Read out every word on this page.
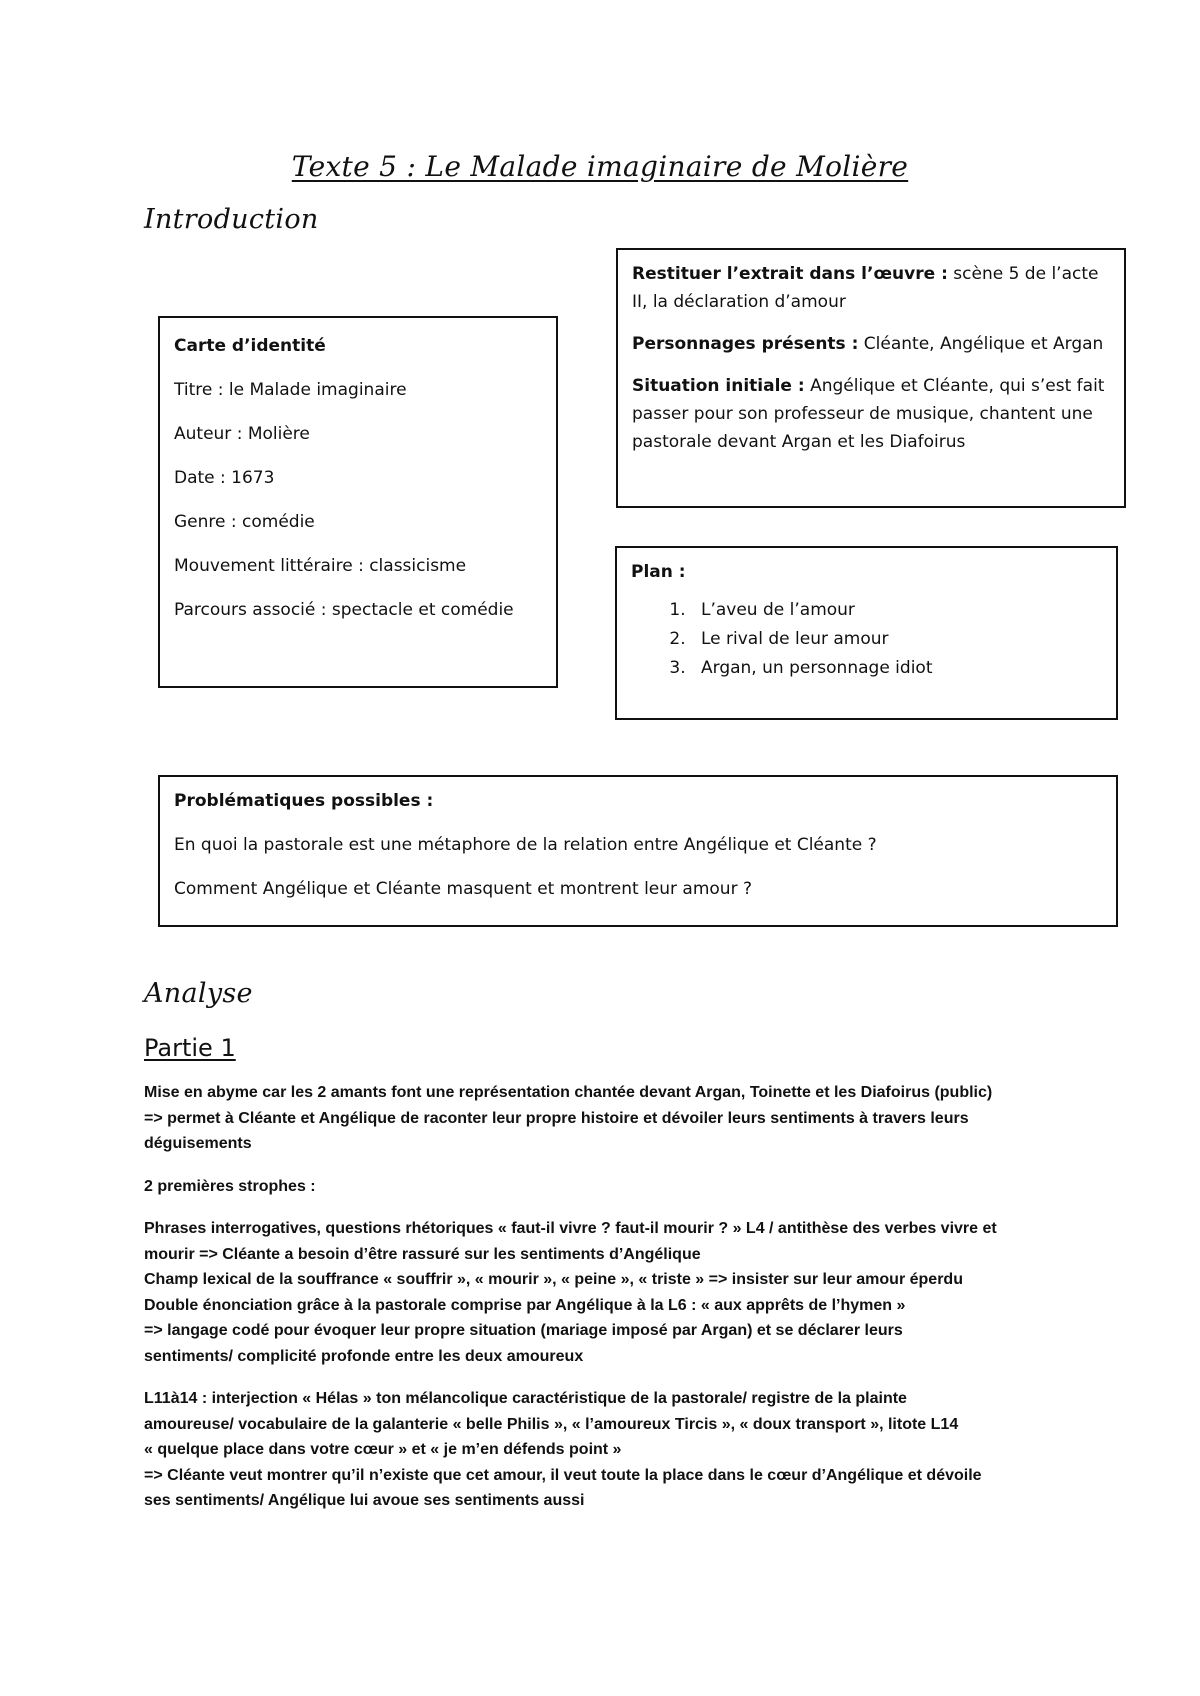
Texte 5 : Le Malade imaginaire de Molière
Introduction

Carte d’identité

Titre : le Malade imaginaire

Auteur : Molière

Date : 1673

Genre : comédie

Mouvement littéraire : classicisme

Parcours associé : spectacle et comédie

Restituer l’extrait dans l’œuvre : scène 5 de l’acte II, la déclaration d’amour

Personnages présents : Cléante, Angélique et Argan

Situation initiale : Angélique et Cléante, qui s’est fait passer pour son professeur de musique, chantent une pastorale devant Argan et les Diafoirus

Plan :

1. L’aveu de l’amour
2. Le rival de leur amour
3. Argan, un personnage idiot

Problématiques possibles :

En quoi la pastorale est une métaphore de la relation entre Angélique et Cléante ?

Comment Angélique et Cléante masquent et montrent leur amour ?

Analyse
Partie 1

Mise en abyme car les 2 amants font une représentation chantée devant Argan, Toinette et les Diafoirus (public)

=> permet à Cléante et Angélique de raconter leur propre histoire et dévoiler leurs sentiments à travers leurs

déguisements

2 premières strophes :

Phrases interrogatives, questions rhétoriques « faut-il vivre ? faut-il mourir ? » L4 / antithèse des verbes vivre et

mourir => Cléante a besoin d’être rassuré sur les sentiments d’Angélique

Champ lexical de la souffrance « souffrir », « mourir », « peine », « triste » => insister sur leur amour éperdu

Double énonciation grâce à la pastorale comprise par Angélique à la L6 : « aux apprêts de l’hymen »

=> langage codé pour évoquer leur propre situation (mariage imposé par Argan) et se déclarer leurs

sentiments/ complicité profonde entre les deux amoureux

L11à14 : interjection « Hélas » ton mélancolique caractéristique de la pastorale/ registre de la plainte

amoureuse/ vocabulaire de la galanterie « belle Philis », « l’amoureux Tircis », « doux transport », litote L14

« quelque place dans votre cœur » et « je m’en défends point »

=> Cléante veut montrer qu’il n’existe que cet amour, il veut toute la place dans le cœur d’Angélique et dévoile

ses sentiments/ Angélique lui avoue ses sentiments aussi
